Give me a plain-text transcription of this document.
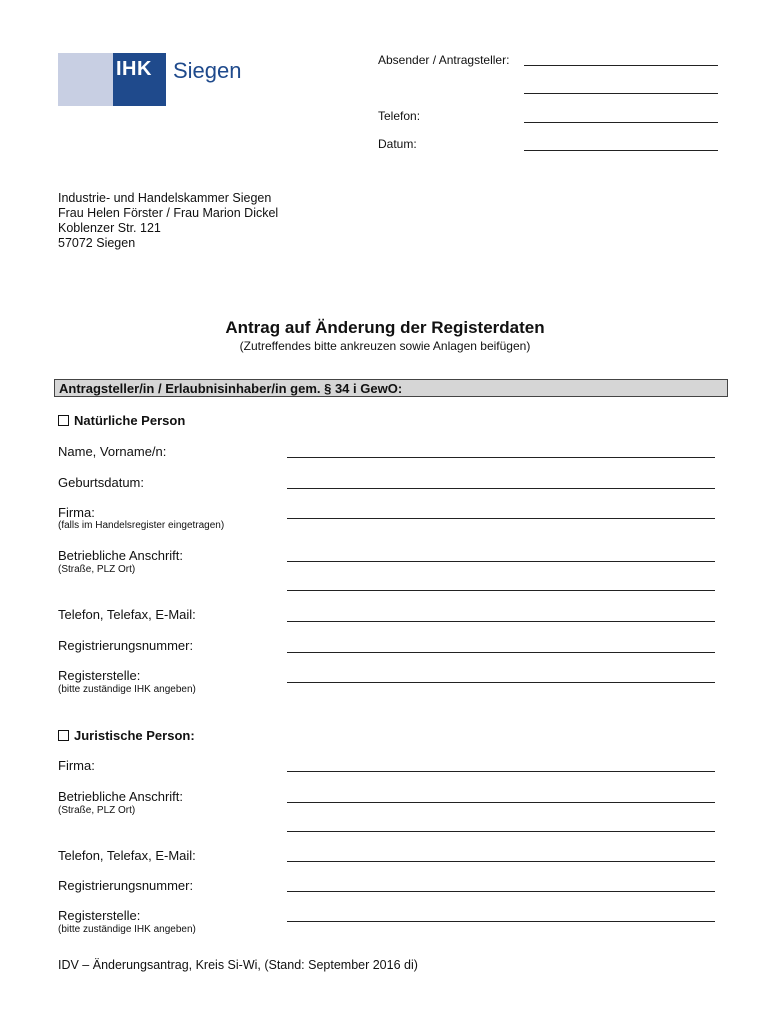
IHK Siegen	Absender / Antragsteller:
Telefon:
Datum:
Industrie- und Handelskammer Siegen
Frau Helen Förster / Frau Marion Dickel
Koblenzer Str. 121
57072 Siegen
Antrag auf Änderung der Registerdaten
(Zutreffendes bitte ankreuzen sowie Anlagen beifügen)
Antragsteller/in / Erlaubnisinhaber/in gem. § 34 i GewO:
Natürliche Person
Name, Vorname/n:
Geburtsdatum:
Firma:
(falls im Handelsregister eingetragen)
Betriebliche Anschrift:
(Straße, PLZ Ort)
Telefon, Telefax, E-Mail:
Registrierungsnummer:
Registerstelle:
(bitte zuständige IHK angeben)
Juristische Person:
Firma:
Betriebliche Anschrift:
(Straße, PLZ Ort)
Telefon, Telefax, E-Mail:
Registrierungsnummer:
Registerstelle:
(bitte zuständige IHK angeben)
IDV – Änderungsantrag, Kreis Si-Wi, (Stand: September 2016 di)
